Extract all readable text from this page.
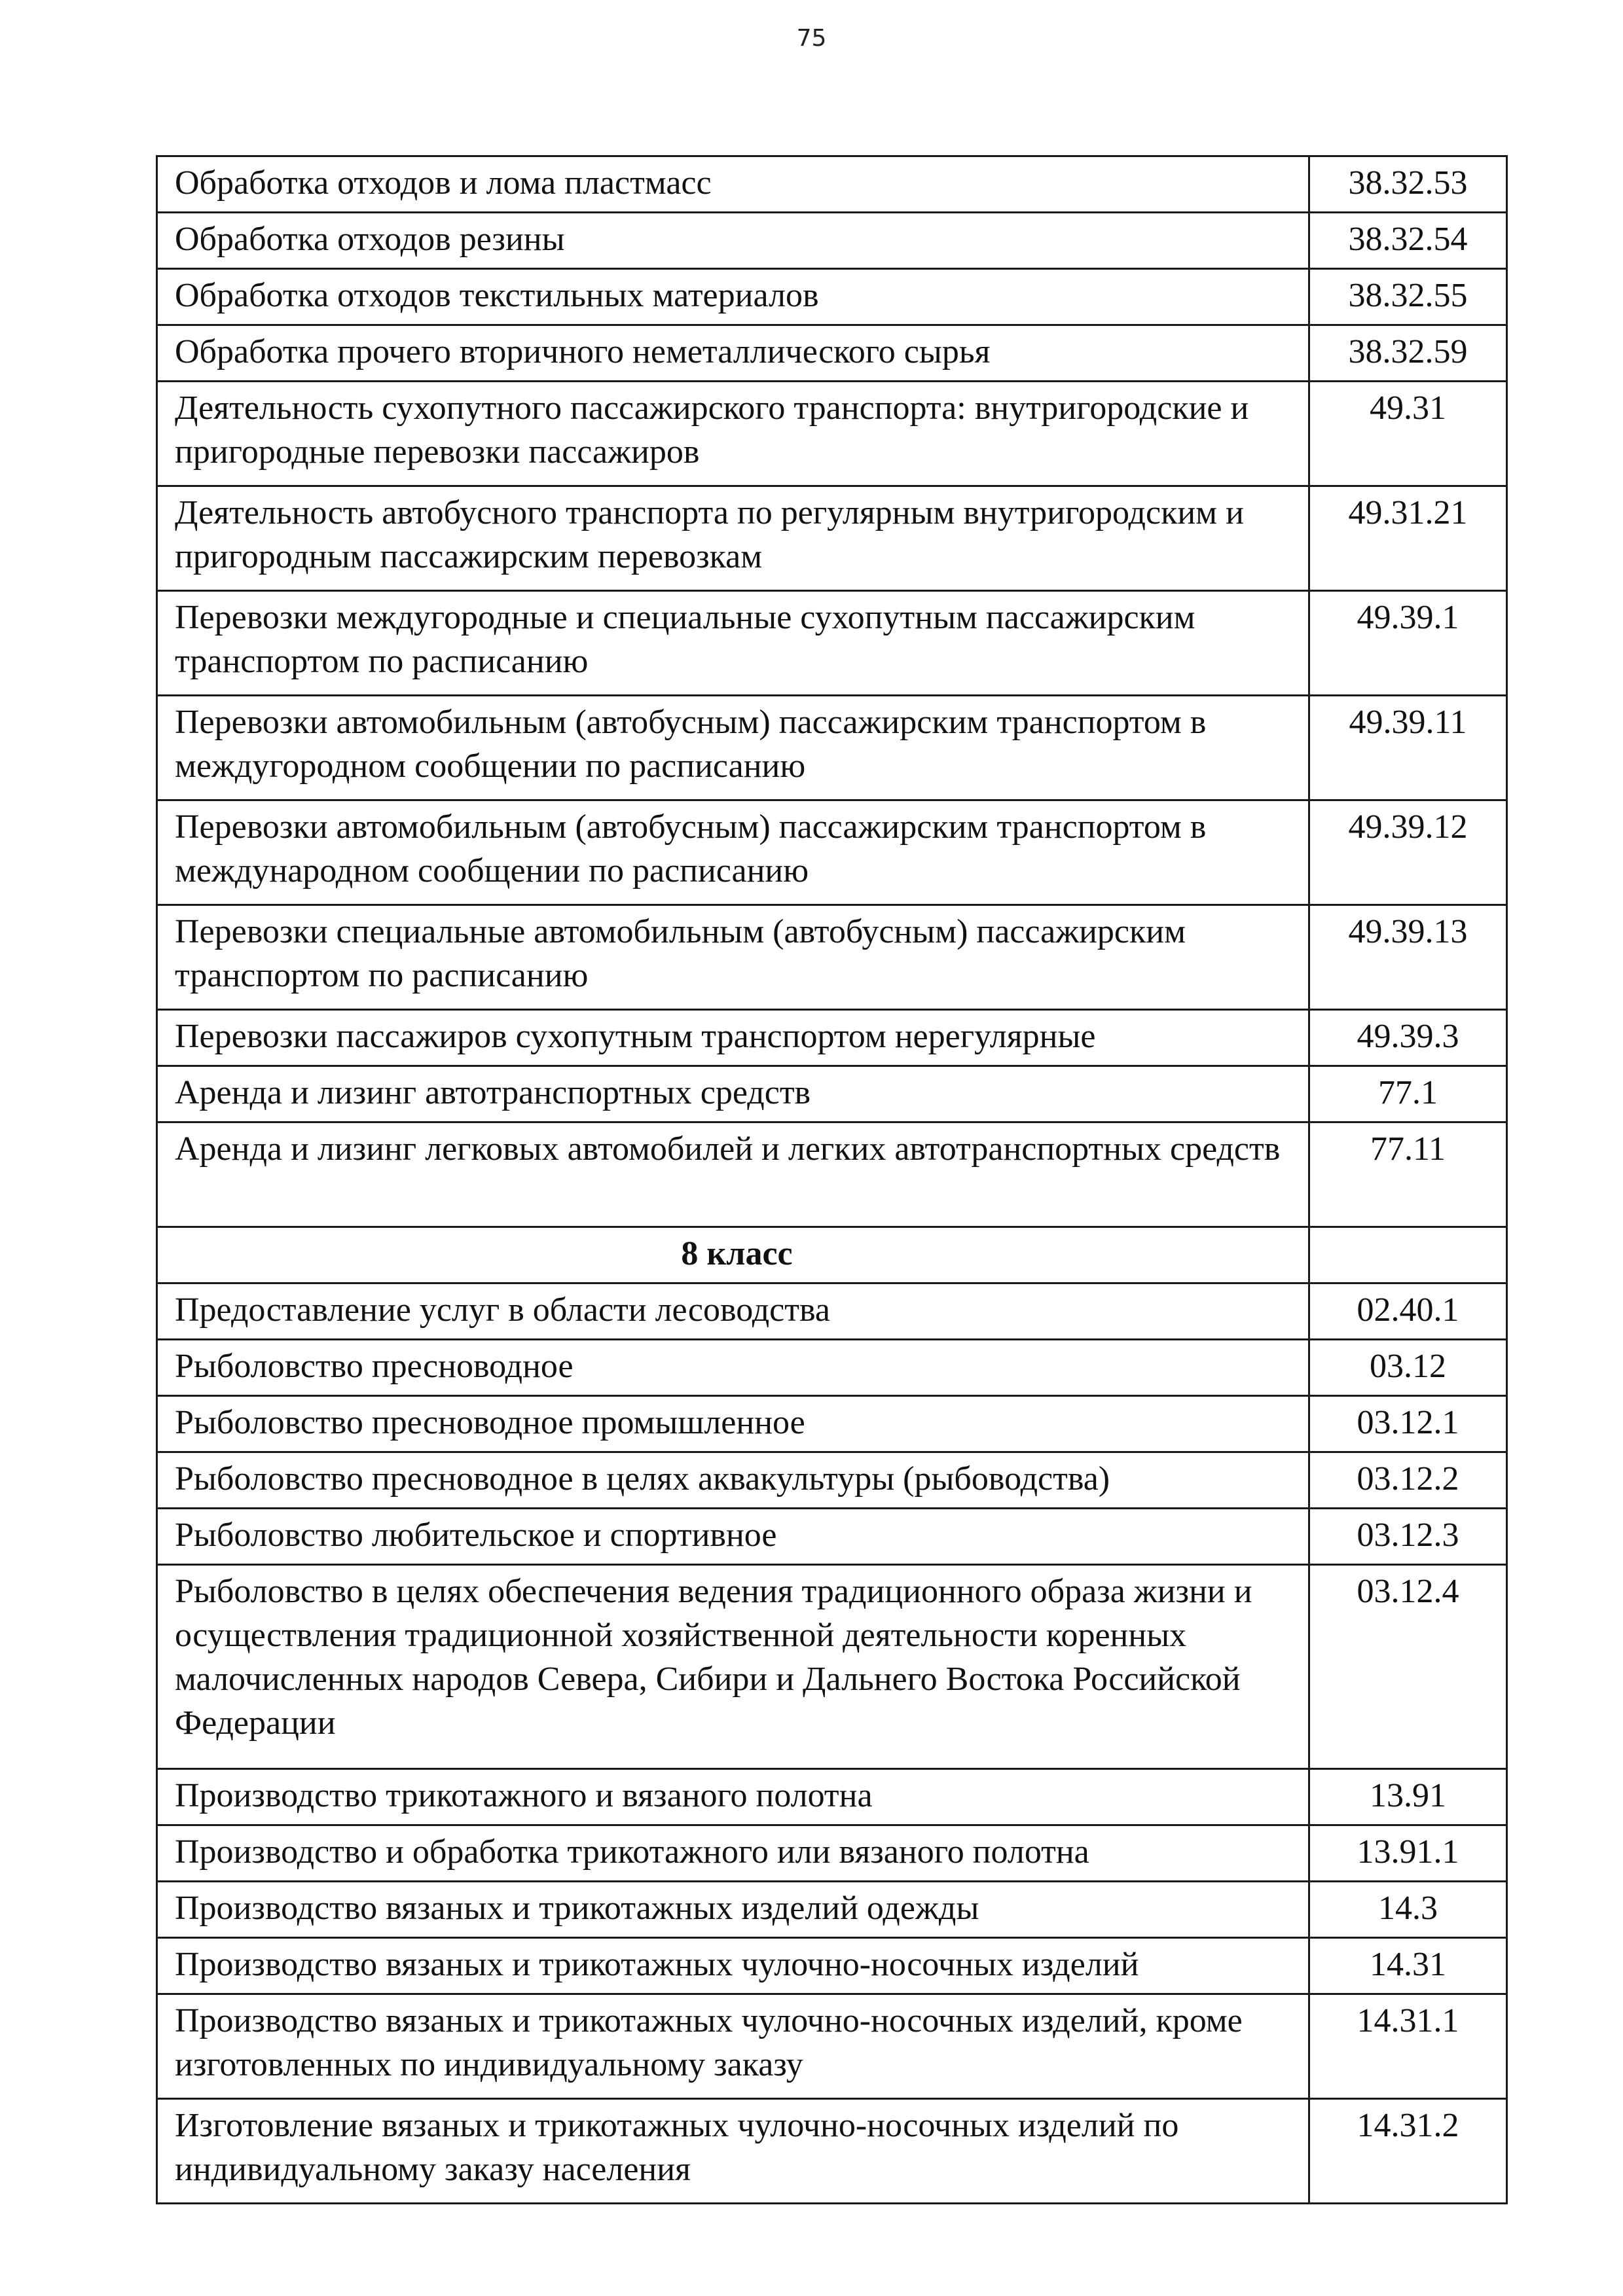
75
Обработка отходов и лома пластмасс	38.32.53
Обработка отходов резины	38.32.54
Обработка отходов текстильных материалов	38.32.55
Обработка прочего вторичного неметаллического сырья	38.32.59
Деятельность сухопутного пассажирского транспорта: внутригородские и пригородные перевозки пассажиров	49.31
Деятельность автобусного транспорта по регулярным внутригородским и пригородным пассажирским перевозкам	49.31.21
Перевозки междугородные и специальные сухопутным пассажирским транспортом по расписанию	49.39.1
Перевозки автомобильным (автобусным) пассажирским транспортом в междугородном сообщении по расписанию	49.39.11
Перевозки автомобильным (автобусным) пассажирским транспортом в международном сообщении по расписанию	49.39.12
Перевозки специальные автомобильным (автобусным) пассажирским транспортом по расписанию	49.39.13
Перевозки пассажиров сухопутным транспортом нерегулярные	49.39.3
Аренда и лизинг автотранспортных средств	77.1
Аренда и лизинг легковых автомобилей и легких автотранспортных средств	77.11
8 класс	
Предоставление услуг в области лесоводства	02.40.1
Рыболовство пресноводное	03.12
Рыболовство пресноводное промышленное	03.12.1
Рыболовство пресноводное в целях аквакультуры (рыбоводства)	03.12.2
Рыболовство любительское и спортивное	03.12.3
Рыболовство в целях обеспечения ведения традиционного образа жизни и осуществления традиционной хозяйственной деятельности коренных малочисленных народов Севера, Сибири и Дальнего Востока Российской Федерации	03.12.4
Производство трикотажного и вязаного полотна	13.91
Производство и обработка трикотажного или вязаного полотна	13.91.1
Производство вязаных и трикотажных изделий одежды	14.3
Производство вязаных и трикотажных чулочно-носочных изделий	14.31
Производство вязаных и трикотажных чулочно-носочных изделий, кроме изготовленных по индивидуальному заказу	14.31.1
Изготовление вязаных и трикотажных чулочно-носочных изделий по индивидуальному заказу населения	14.31.2
